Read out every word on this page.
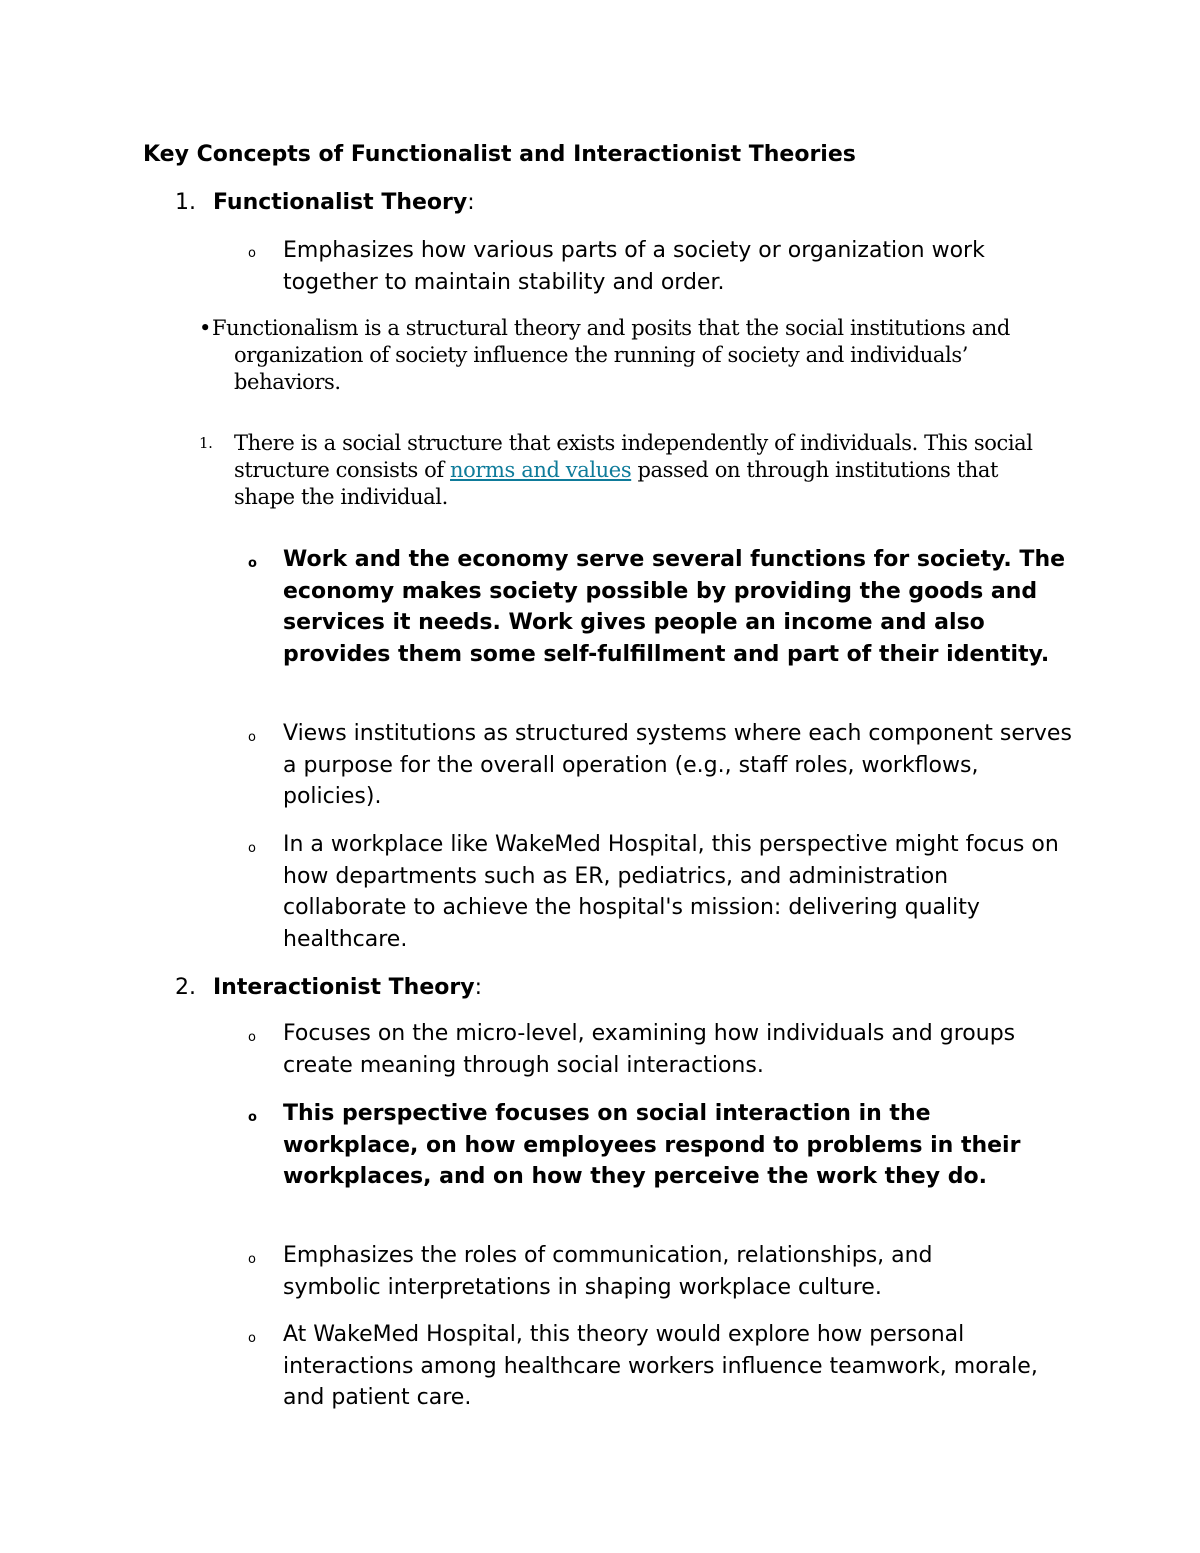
Key Concepts of Functionalist and Interactionist Theories
1. Functionalist Theory:
o Emphasizes how various parts of a society or organization work together to maintain stability and order.
• Functionalism is a structural theory and posits that the social institutions and organization of society influence the running of society and individuals’ behaviors.
1. There is a social structure that exists independently of individuals. This social structure consists of norms and values passed on through institutions that shape the individual.
o Work and the economy serve several functions for society. The economy makes society possible by providing the goods and services it needs. Work gives people an income and also provides them some self-fulfillment and part of their identity.
o Views institutions as structured systems where each component serves a purpose for the overall operation (e.g., staff roles, workflows, policies).
o In a workplace like WakeMed Hospital, this perspective might focus on how departments such as ER, pediatrics, and administration collaborate to achieve the hospital's mission: delivering quality healthcare.
2. Interactionist Theory:
o Focuses on the micro-level, examining how individuals and groups create meaning through social interactions.
o This perspective focuses on social interaction in the workplace, on how employees respond to problems in their workplaces, and on how they perceive the work they do.
o Emphasizes the roles of communication, relationships, and symbolic interpretations in shaping workplace culture.
o At WakeMed Hospital, this theory would explore how personal interactions among healthcare workers influence teamwork, morale, and patient care.
